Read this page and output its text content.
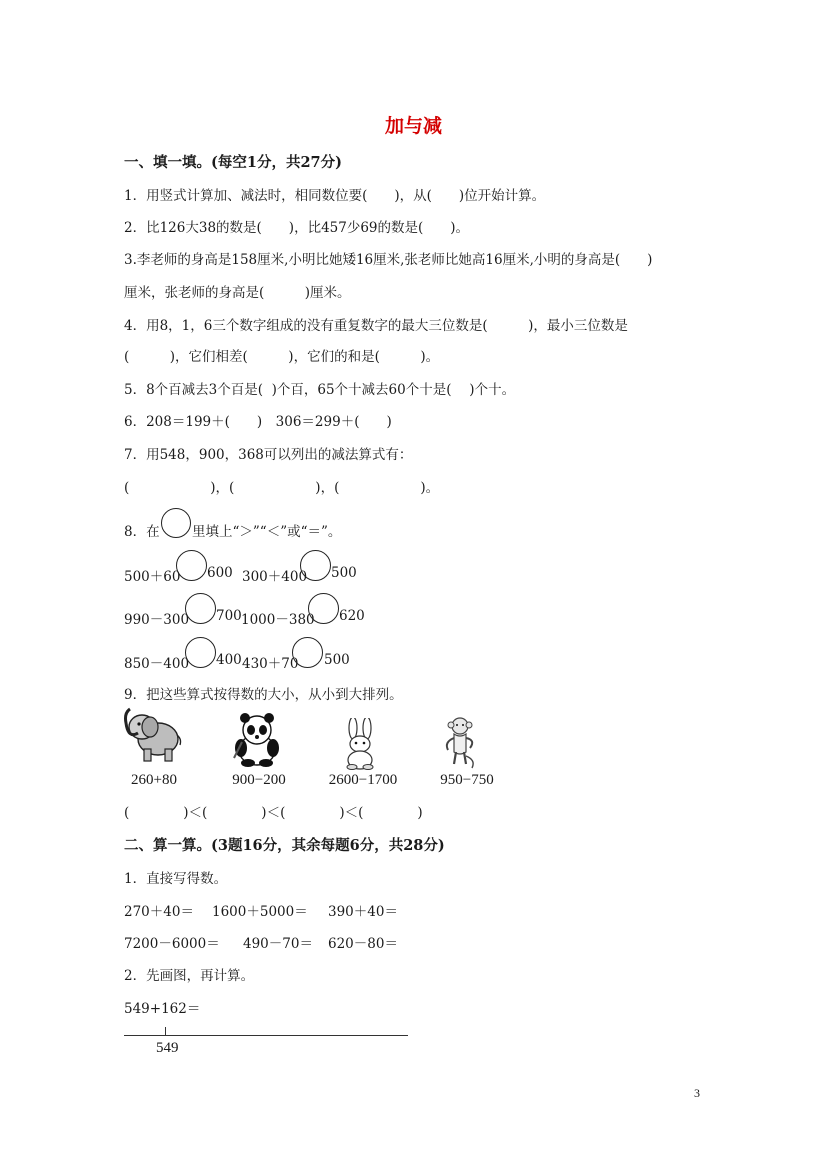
加与减
一、填一填。(每空1分，共27分)
1．用竖式计算加、减法时，相同数位要(　　)，从(　　)位开始计算。
2．比126大38的数是(　　)，比457少69的数是(　　)。
3.李老师的身高是158厘米,小明比她矮16厘米,张老师比她高16厘米,小明的身高是(　　)
厘米，张老师的身高是(　　　)厘米。
4．用8，1，6三个数字组成的没有重复数字的最大三位数是(　　　)，最小三位数是
(　　　)，它们相差(　　　)，它们的和是(　　　)。
5．8个百减去3个百是(  )个百，65个十减去60个十是(　 )个十。
6．208＝199＋(　　)　306＝299＋(　　)
7．用548，900，368可以列出的减法算式有：
(　　　　　　)，(　　　　　　)，(　　　　　　)。
8．在 里填上“＞”“＜”或“＝”。
500＋60 600 300＋400 500
990－300 700 1000－380 620
850－400 400 430＋70 500
9．把这些算式按得数的大小，从小到大排列。
260+80	900−200	2600−1700	950−750
(　　　　)＜(　　　　)＜(　　　　)＜(　　　　)
二、算一算。(3题16分，其余每题6分，共28分)
1．直接写得数。
270＋40＝ 1600＋5000＝ 390＋40＝
7200－6000＝ 490－70＝ 620－80＝
2．先画图，再计算。
549+162＝
549
3
